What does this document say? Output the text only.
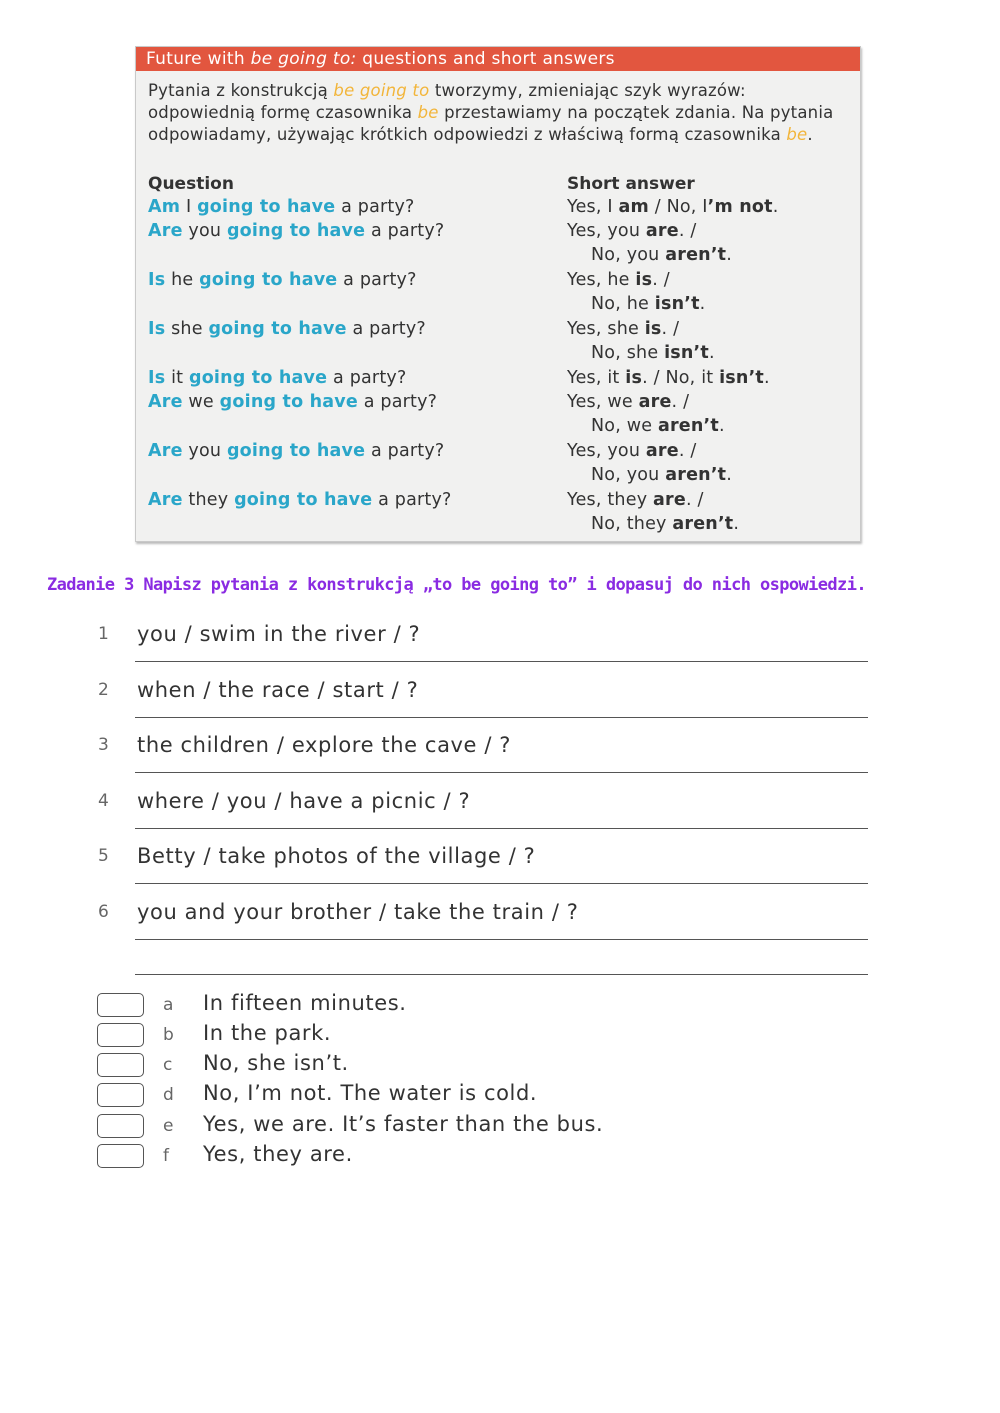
Future with be going to: questions and short answers
Pytania z konstrukcją be going to tworzymy, zmieniając szyk wyrazów: odpowiednią formę czasownika be przestawiamy na początek zdania. Na pytania odpowiadamy, używając krótkich odpowiedzi z właściwą formą czasownika be.
Question	Short answer
Am I going to have a party?	Yes, I am / No, I’m not.
Are you going to have a party?	Yes, you are. /
No, you aren’t.
Is he going to have a party?	Yes, he is. /
No, he isn’t.
Is she going to have a party?	Yes, she is. /
No, she isn’t.
Is it going to have a party?	Yes, it is. / No, it isn’t.
Are we going to have a party?	Yes, we are. /
No, we aren’t.
Are you going to have a party?	Yes, you are. /
No, you aren’t.
Are they going to have a party?	Yes, they are. /
No, they aren’t.
Zadanie 3 Napisz pytania z konstrukcją „to be going to” i dopasuj do nich ospowiedzi.
1 you / swim in the river / ?
2 when / the race / start / ?
3 the children / explore the cave / ?
4 where / you / have a picnic / ?
5 Betty / take photos of the village / ?
6 you and your brother / take the train / ?
a In fifteen minutes.
b In the park.
c No, she isn’t.
d No, I’m not. The water is cold.
e Yes, we are. It’s faster than the bus.
f Yes, they are.
